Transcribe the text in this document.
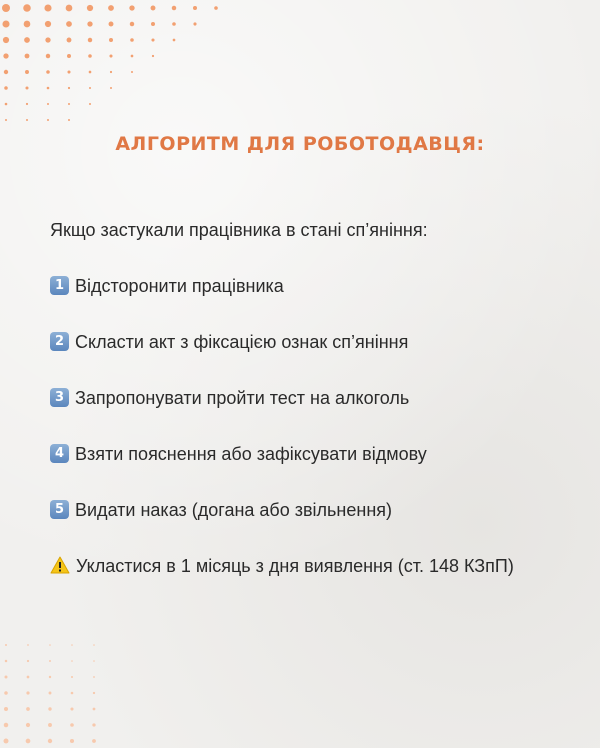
АЛГОРИТМ ДЛЯ РОБОТОДАВЦЯ:
Якщо застукали працівника в стані сп’яніння:
1 Відсторонити працівника
2 Скласти акт з фіксацією ознак сп’яніння
3 Запропонувати пройти тест на алкоголь
4 Взяти пояснення або зафіксувати відмову
5 Видати наказ (догана або звільнення)
Укластися в 1 місяць з дня виявлення (ст. 148 КЗпП)
